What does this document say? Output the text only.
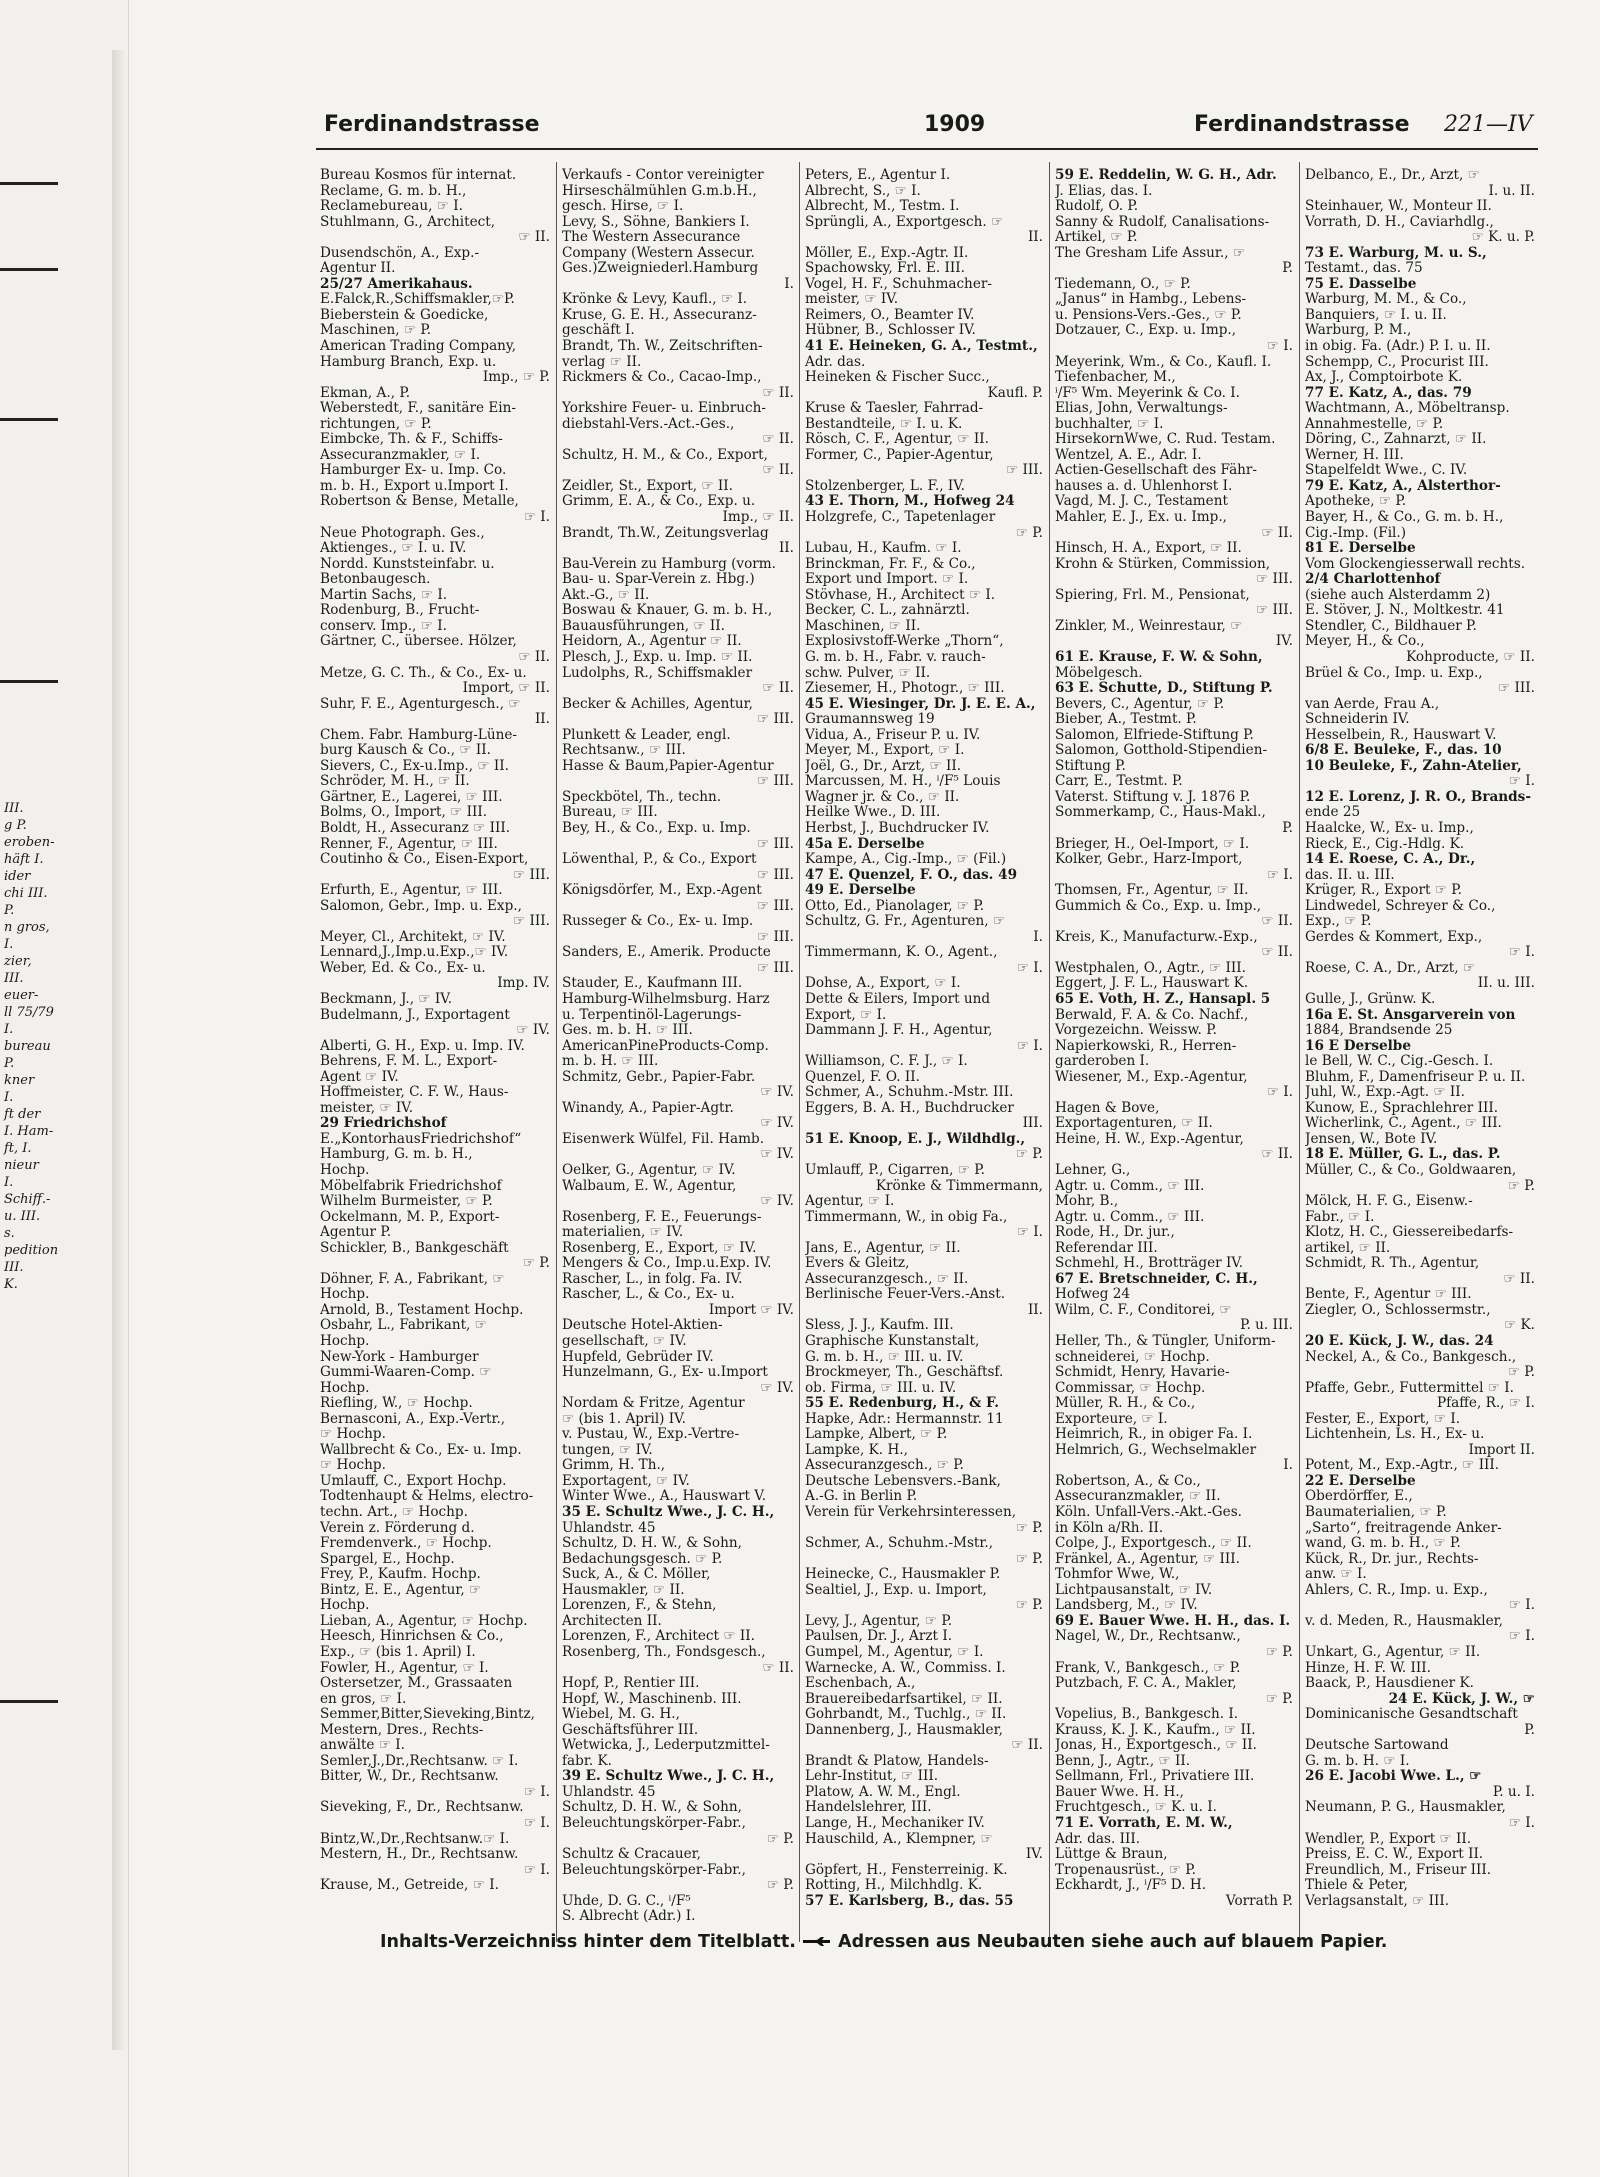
III.
g P.
eroben-
häft I.
ider
chi III.
P.
n gros,
I.
zier,
III.
euer-
ll 75/79
I.
bureau
P.
kner
I.
ft der
I. Ham-
ft, I.
nieur
I.
Schiff.-
u. III.
s.
pedition
III.
K.
Ferdinandstrasse	1909	Ferdinandstrasse 221—IV
Bureau Kosmos für internat.
Reclame, G. m. b. H.,
Reclamebureau, ☞ I.
Stuhlmann, G., Architect,
☞ II.
Dusendschön, A., Exp.-
Agentur II.
25/27 Amerikahaus.
E.Falck,R.,Schiffsmakler,☞P.
Bieberstein & Goedicke,
Maschinen, ☞ P.
American Trading Company,
Hamburg Branch, Exp. u.
Imp., ☞ P.
Ekman, A., P.
Weberstedt, F., sanitäre Ein-
richtungen, ☞ P.
Eimbcke, Th. & F., Schiffs-
Assecuranzmakler, ☞ I.
Hamburger Ex- u. Imp. Co.
m. b. H., Export u.Import I.
Robertson & Bense, Metalle,
☞ I.
Neue Photograph. Ges.,
Aktienges., ☞ I. u. IV.
Nordd. Kunststeinfabr. u.
Betonbaugesch.
Martin Sachs, ☞ I.
Rodenburg, B., Frucht-
conserv. Imp., ☞ I.
Gärtner, C., übersee. Hölzer,
☞ II.
Metze, G. C. Th., & Co., Ex- u.
Import, ☞ II.
Suhr, F. E., Agenturgesch., ☞
II.
Chem. Fabr. Hamburg-Lüne-
burg Kausch & Co., ☞ II.
Sievers, C., Ex-u.Imp., ☞ II.
Schröder, M. H., ☞ II.
Gärtner, E., Lagerei, ☞ III.
Bolms, O., Import, ☞ III.
Boldt, H., Assecuranz ☞ III.
Renner, F., Agentur, ☞ III.
Coutinho & Co., Eisen-Export,
☞ III.
Erfurth, E., Agentur, ☞ III.
Salomon, Gebr., Imp. u. Exp.,
☞ III.
Meyer, Cl., Architekt, ☞ IV.
Lennard,J.,Imp.u.Exp.,☞ IV.
Weber, Ed. & Co., Ex- u.
Imp. IV.
Beckmann, J., ☞ IV.
Budelmann, J., Exportagent
☞ IV.
Alberti, G. H., Exp. u. Imp. IV.
Behrens, F. M. L., Export-
Agent ☞ IV.
Hoffmeister, C. F. W., Haus-
meister, ☞ IV.
29 Friedrichshof
E.„KontorhausFriedrichshof“
Hamburg, G. m. b. H.,
Hochp.
Möbelfabrik Friedrichshof
Wilhelm Burmeister, ☞ P.
Ockelmann, M. P., Export-
Agentur P.
Schickler, B., Bankgeschäft
☞ P.
Döhner, F. A., Fabrikant, ☞
Hochp.
Arnold, B., Testament Hochp.
Osbahr, L., Fabrikant, ☞
Hochp.
New-York - Hamburger
Gummi-Waaren-Comp. ☞
Hochp.
Riefling, W., ☞ Hochp.
Bernasconi, A., Exp.-Vertr.,
☞ Hochp.
Wallbrecht & Co., Ex- u. Imp.
☞ Hochp.
Umlauff, C., Export Hochp.
Todtenhaupt & Helms, electro-
techn. Art., ☞ Hochp.
Verein z. Förderung d.
Fremdenverk., ☞ Hochp.
Spargel, E., Hochp.
Frey, P., Kaufm. Hochp.
Bintz, E. E., Agentur, ☞
Hochp.
Lieban, A., Agentur, ☞ Hochp.
Heesch, Hinrichsen & Co.,
Exp., ☞ (bis 1. April) I.
Fowler, H., Agentur, ☞ I.
Ostersetzer, M., Grassaaten
en gros, ☞ I.
Semmer,Bitter,Sieveking,Bintz,
Mestern, Dres., Rechts-
anwälte ☞ I.
Semler,J.,Dr.,Rechtsanw. ☞ I.
Bitter, W., Dr., Rechtsanw.
☞ I.
Sieveking, F., Dr., Rechtsanw.
☞ I.
Bintz,W.,Dr.,Rechtsanw.☞ I.
Mestern, H., Dr., Rechtsanw.
☞ I.
Krause, M., Getreide, ☞ I.
Verkaufs - Contor vereinigter
Hirseschälmühlen G.m.b.H.,
gesch. Hirse, ☞ I.
Levy, S., Söhne, Bankiers I.
The Western Assecurance
Company (Western Assecur.
Ges.)Zweigniederl.Hamburg
I.
Krönke & Levy, Kaufl., ☞ I.
Kruse, G. E. H., Assecuranz-
geschäft I.
Brandt, Th. W., Zeitschriften-
verlag ☞ II.
Rickmers & Co., Cacao-Imp.,
☞ II.
Yorkshire Feuer- u. Einbruch-
diebstahl-Vers.-Act.-Ges.,
☞ II.
Schultz, H. M., & Co., Export,
☞ II.
Zeidler, St., Export, ☞ II.
Grimm, E. A., & Co., Exp. u.
Imp., ☞ II.
Brandt, Th.W., Zeitungsverlag
II.
Bau-Verein zu Hamburg (vorm.
Bau- u. Spar-Verein z. Hbg.)
Akt.-G., ☞ II.
Boswau & Knauer, G. m. b. H.,
Bauausführungen, ☞ II.
Heidorn, A., Agentur ☞ II.
Plesch, J., Exp. u. Imp. ☞ II.
Ludolphs, R., Schiffsmakler
☞ II.
Becker & Achilles, Agentur,
☞ III.
Plunkett & Leader, engl.
Rechtsanw., ☞ III.
Hasse & Baum,Papier-Agentur
☞ III.
Speckbötel, Th., techn.
Bureau, ☞ III.
Bey, H., & Co., Exp. u. Imp.
☞ III.
Löwenthal, P., & Co., Export
☞ III.
Königsdörfer, M., Exp.-Agent
☞ III.
Russeger & Co., Ex- u. Imp.
☞ III.
Sanders, E., Amerik. Producte
☞ III.
Stauder, E., Kaufmann III.
Hamburg-Wilhelmsburg. Harz
u. Terpentinöl-Lagerungs-
Ges. m. b. H. ☞ III.
AmericanPineProducts-Comp.
m. b. H. ☞ III.
Schmitz, Gebr., Papier-Fabr.
☞ IV.
Winandy, A., Papier-Agtr.
☞ IV.
Eisenwerk Wülfel, Fil. Hamb.
☞ IV.
Oelker, G., Agentur, ☞ IV.
Walbaum, E. W., Agentur,
☞ IV.
Rosenberg, F. E., Feuerungs-
materialien, ☞ IV.
Rosenberg, E., Export, ☞ IV.
Mengers & Co., Imp.u.Exp. IV.
Rascher, L., in folg. Fa. IV.
Rascher, L., & Co., Ex- u.
Import ☞ IV.
Deutsche Hotel-Aktien-
gesellschaft, ☞ IV.
Hupfeld, Gebrüder IV.
Hunzelmann, G., Ex- u.Import
☞ IV.
Nordam & Fritze, Agentur
☞ (bis 1. April) IV.
v. Pustau, W., Exp.-Vertre-
tungen, ☞ IV.
Grimm, H. Th.,
Exportagent, ☞ IV.
Winter Wwe., A., Hauswart V.
35 E. Schultz Wwe., J. C. H.,
Uhlandstr. 45
Schultz, D. H. W., & Sohn,
Bedachungsgesch. ☞ P.
Suck, A., & C. Möller,
Hausmakler, ☞ II.
Lorenzen, F., & Stehn,
Architecten II.
Lorenzen, F., Architect ☞ II.
Rosenberg, Th., Fondsgesch.,
☞ II.
Hopf, P., Rentier III.
Hopf, W., Maschinenb. III.
Wiebel, M. G. H.,
Geschäftsführer III.
Wetwicka, J., Lederputzmittel-
fabr. K.
39 E. Schultz Wwe., J. C. H.,
Uhlandstr. 45
Schultz, D. H. W., & Sohn,
Beleuchtungskörper-Fabr.,
☞ P.
Schultz & Cracauer,
Beleuchtungskörper-Fabr.,
☞ P.
Uhde, D. G. C., ⁱ/F⁵
S. Albrecht (Adr.) I.
Peters, E., Agentur I.
Albrecht, S., ☞ I.
Albrecht, M., Testm. I.
Sprüngli, A., Exportgesch. ☞
II.
Möller, E., Exp.-Agtr. II.
Spachowsky, Frl. E. III.
Vogel, H. F., Schuhmacher-
meister, ☞ IV.
Reimers, O., Beamter IV.
Hübner, B., Schlosser IV.
41 E. Heineken, G. A., Testmt.,
Adr. das.
Heineken & Fischer Succ.,
Kaufl. P.
Kruse & Taesler, Fahrrad-
Bestandteile, ☞ I. u. K.
Rösch, C. F., Agentur, ☞ II.
Former, C., Papier-Agentur,
☞ III.
Stolzenberger, L. F., IV.
43 E. Thorn, M., Hofweg 24
Holzgrefe, C., Tapetenlager
☞ P.
Lubau, H., Kaufm. ☞ I.
Brinckman, Fr. F., & Co.,
Export und Import. ☞ I.
Stövhase, H., Architect ☞ I.
Becker, C. L., zahnärztl.
Maschinen, ☞ II.
Explosivstoff-Werke „Thorn“,
G. m. b. H., Fabr. v. rauch-
schw. Pulver, ☞ II.
Ziesemer, H., Photogr., ☞ III.
45 E. Wiesinger, Dr. J. E. E. A.,
Graumannsweg 19
Vidua, A., Friseur P. u. IV.
Meyer, M., Export, ☞ I.
Joël, G., Dr., Arzt, ☞ II.
Marcussen, M. H., ⁱ/F⁵ Louis
Wagner jr. & Co., ☞ II.
Heilke Wwe., D. III.
Herbst, J., Buchdrucker IV.
45a E. Derselbe
Kampe, A., Cig.-Imp., ☞ (Fil.)
47 E. Quenzel, F. O., das. 49
49 E. Derselbe
Otto, Ed., Pianolager, ☞ P.
Schultz, G. Fr., Agenturen, ☞
I.
Timmermann, K. O., Agent.,
☞ I.
Dohse, A., Export, ☞ I.
Dette & Eilers, Import und
Export, ☞ I.
Dammann J. F. H., Agentur,
☞ I.
Williamson, C. F. J., ☞ I.
Quenzel, F. O. II.
Schmer, A., Schuhm.-Mstr. III.
Eggers, B. A. H., Buchdrucker
III.
51 E. Knoop, E. J., Wildhdlg.,
☞ P.
Umlauff, P., Cigarren, ☞ P.
Krönke & Timmermann,
Agentur, ☞ I.
Timmermann, W., in obig Fa.,
☞ I.
Jans, E., Agentur, ☞ II.
Evers & Gleitz,
Assecuranzgesch., ☞ II.
Berlinische Feuer-Vers.-Anst.
II.
Sless, J. J., Kaufm. III.
Graphische Kunstanstalt,
G. m. b. H., ☞ III. u. IV.
Brockmeyer, Th., Geschäftsf.
ob. Firma, ☞ III. u. IV.
55 E. Redenburg, H., & F.
Hapke, Adr.: Hermannstr. 11
Lampke, Albert, ☞ P.
Lampke, K. H.,
Assecuranzgesch., ☞ P.
Deutsche Lebensvers.-Bank,
A.-G. in Berlin P.
Verein für Verkehrsinteressen,
☞ P.
Schmer, A., Schuhm.-Mstr.,
☞ P.
Heinecke, C., Hausmakler P.
Sealtiel, J., Exp. u. Import,
☞ P.
Levy, J., Agentur, ☞ P.
Paulsen, Dr. J., Arzt I.
Gumpel, M., Agentur, ☞ I.
Warnecke, A. W., Commiss. I.
Eschenbach, A.,
Brauereibedarfsartikel, ☞ II.
Gohrbandt, M., Tuchlg., ☞ II.
Dannenberg, J., Hausmakler,
☞ II.
Brandt & Platow, Handels-
Lehr-Institut, ☞ III.
Platow, A. W. M., Engl.
Handelslehrer, III.
Lange, H., Mechaniker IV.
Hauschild, A., Klempner, ☞
IV.
Göpfert, H., Fensterreinig. K.
Rotting, H., Milchhdlg. K.
57 E. Karlsberg, B., das. 55
59 E. Reddelin, W. G. H., Adr.
J. Elias, das. I.
Rudolf, O. P.
Sanny & Rudolf, Canalisations-
Artikel, ☞ P.
The Gresham Life Assur., ☞
P.
Tiedemann, O., ☞ P.
„Janus“ in Hambg., Lebens-
u. Pensions-Vers.-Ges., ☞ P.
Dotzauer, C., Exp. u. Imp.,
☞ I.
Meyerink, Wm., & Co., Kaufl. I.
Tiefenbacher, M.,
ⁱ/F⁵ Wm. Meyerink & Co. I.
Elias, John, Verwaltungs-
buchhalter, ☞ I.
HirsekornWwe, C. Rud. Testam.
Wentzel, A. E., Adr. I.
Actien-Gesellschaft des Fähr-
hauses a. d. Uhlenhorst I.
Vagd, M. J. C., Testament
Mahler, E. J., Ex. u. Imp.,
☞ II.
Hinsch, H. A., Export, ☞ II.
Krohn & Stürken, Commission,
☞ III.
Spiering, Frl. M., Pensionat,
☞ III.
Zinkler, M., Weinrestaur, ☞
IV.
61 E. Krause, F. W. & Sohn,
Möbelgesch.
63 E. Schutte, D., Stiftung P.
Bevers, C., Agentur, ☞ P.
Bieber, A., Testmt. P.
Salomon, Elfriede-Stiftung P.
Salomon, Gotthold-Stipendien-
Stiftung P.
Carr, E., Testmt. P.
Vaterst. Stiftung v. J. 1876 P.
Sommerkamp, C., Haus-Makl.,
P.
Brieger, H., Oel-Import, ☞ I.
Kolker, Gebr., Harz-Import,
☞ I.
Thomsen, Fr., Agentur, ☞ II.
Gummich & Co., Exp. u. Imp.,
☞ II.
Kreis, K., Manufacturw.-Exp.,
☞ II.
Westphalen, O., Agtr., ☞ III.
Eggert, J. F. L., Hauswart K.
65 E. Voth, H. Z., Hansapl. 5
Berwald, F. A. & Co. Nachf.,
Vorgezeichn. Weissw. P.
Napierkowski, R., Herren-
garderoben I.
Wiesener, M., Exp.-Agentur,
☞ I.
Hagen & Bove,
Exportagenturen, ☞ II.
Heine, H. W., Exp.-Agentur,
☞ II.
Lehner, G.,
Agtr. u. Comm., ☞ III.
Mohr, B.,
Agtr. u. Comm., ☞ III.
Rode, H., Dr. jur.,
Referendar III.
Schmehl, H., Brotträger IV.
67 E. Bretschneider, C. H.,
Hofweg 24
Wilm, C. F., Conditorei, ☞
P. u. III.
Heller, Th., & Tüngler, Uniform-
schneiderei, ☞ Hochp.
Schmidt, Henry, Havarie-
Commissar, ☞ Hochp.
Müller, R. H., & Co.,
Exporteure, ☞ I.
Heimrich, R., in obiger Fa. I.
Helmrich, G., Wechselmakler
I.
Robertson, A., & Co.,
Assecuranzmakler, ☞ II.
Köln. Unfall-Vers.-Akt.-Ges.
in Köln a/Rh. II.
Colpe, J., Exportgesch., ☞ II.
Fränkel, A., Agentur, ☞ III.
Tohmfor Wwe, W.,
Lichtpausanstalt, ☞ IV.
Landsberg, M., ☞ IV.
69 E. Bauer Wwe. H. H., das. I.
Nagel, W., Dr., Rechtsanw.,
☞ P.
Frank, V., Bankgesch., ☞ P.
Putzbach, F. C. A., Makler,
☞ P.
Vopelius, B., Bankgesch. I.
Krauss, K. J. K., Kaufm., ☞ II.
Jonas, H., Exportgesch., ☞ II.
Benn, J., Agtr., ☞ II.
Sellmann, Frl., Privatiere III.
Bauer Wwe. H. H.,
Fruchtgesch., ☞ K. u. I.
71 E. Vorrath, E. M. W.,
Adr. das. III.
Lüttge & Braun,
Tropenausrüst., ☞ P.
Eckhardt, J., ⁱ/F⁵ D. H.
Vorrath P.
Delbanco, E., Dr., Arzt, ☞
I. u. II.
Steinhauer, W., Monteur II.
Vorrath, D. H., Caviarhdlg.,
☞ K. u. P.
73 E. Warburg, M. u. S.,
Testamt., das. 75
75 E. Dasselbe
Warburg, M. M., & Co.,
Banquiers, ☞ I. u. II.
Warburg, P. M.,
in obig. Fa. (Adr.) P. I. u. II.
Schempp, C., Procurist III.
Ax, J., Comptoirbote K.
77 E. Katz, A., das. 79
Wachtmann, A., Möbeltransp.
Annahmestelle, ☞ P.
Döring, C., Zahnarzt, ☞ II.
Werner, H. III.
Stapelfeldt Wwe., C. IV.
79 E. Katz, A., Alsterthor-
Apotheke, ☞ P.
Bayer, H., & Co., G. m. b. H.,
Cig.-Imp. (Fil.)
81 E. Derselbe
Vom Glockengiesserwall rechts.
2/4 Charlottenhof
(siehe auch Alsterdamm 2)
E. Stöver, J. N., Moltkestr. 41
Stendler, C., Bildhauer P.
Meyer, H., & Co.,
Kohproducte, ☞ II.
Brüel & Co., Imp. u. Exp.,
☞ III.
van Aerde, Frau A.,
Schneiderin IV.
Hesselbein, R., Hauswart V.
6/8 E. Beuleke, F., das. 10
10 Beuleke, F., Zahn-Atelier,
☞ I.
12 E. Lorenz, J. R. O., Brands-
ende 25
Haalcke, W., Ex- u. Imp.,
Rieck, E., Cig.-Hdlg. K.
14 E. Roese, C. A., Dr.,
das. II. u. III.
Krüger, R., Export ☞ P.
Lindwedel, Schreyer & Co.,
Exp., ☞ P.
Gerdes & Kommert, Exp.,
☞ I.
Roese, C. A., Dr., Arzt, ☞
II. u. III.
Gulle, J., Grünw. K.
16a E. St. Ansgarverein von
1884, Brandsende 25
16 E Derselbe
le Bell, W. C., Cig.-Gesch. I.
Bluhm, F., Damenfriseur P. u. II.
Juhl, W., Exp.-Agt. ☞ II.
Kunow, E., Sprachlehrer III.
Wicherlink, C., Agent., ☞ III.
Jensen, W., Bote IV.
18 E. Müller, G. L., das. P.
Müller, C., & Co., Goldwaaren,
☞ P.
Mölck, H. F. G., Eisenw.-
Fabr., ☞ I.
Klotz, H. C., Giessereibedarfs-
artikel, ☞ II.
Schmidt, R. Th., Agentur,
☞ II.
Bente, F., Agentur ☞ III.
Ziegler, O., Schlossermstr.,
☞ K.
20 E. Kück, J. W., das. 24
Neckel, A., & Co., Bankgesch.,
☞ P.
Pfaffe, Gebr., Futtermittel ☞ I.
Pfaffe, R., ☞ I.
Fester, E., Export, ☞ I.
Lichtenhein, Ls. H., Ex- u.
Import II.
Potent, M., Exp.-Agtr., ☞ III.
22 E. Derselbe
Oberdörffer, E.,
Baumaterialien, ☞ P.
„Sarto“, freitragende Anker-
wand, G. m. b. H., ☞ P.
Kück, R., Dr. jur., Rechts-
anw. ☞ I.
Ahlers, C. R., Imp. u. Exp.,
☞ I.
v. d. Meden, R., Hausmakler,
☞ I.
Unkart, G., Agentur, ☞ II.
Hinze, H. F. W. III.
Baack, P., Hausdiener K.
24 E. Kück, J. W., ☞
Dominicanische Gesandtschaft
P.
Deutsche Sartowand
G. m. b. H. ☞ I.
26 E. Jacobi Wwe. L., ☞
P. u. I.
Neumann, P. G., Hausmakler,
☞ I.
Wendler, P., Export ☞ II.
Preiss, E. C. W., Export II.
Freundlich, M., Friseur III.
Thiele & Peter,
Verlagsanstalt, ☞ III.
Inhalts-Verzeichniss hinter dem Titelblatt. Adressen aus Neubauten siehe auch auf blauem Papier.
